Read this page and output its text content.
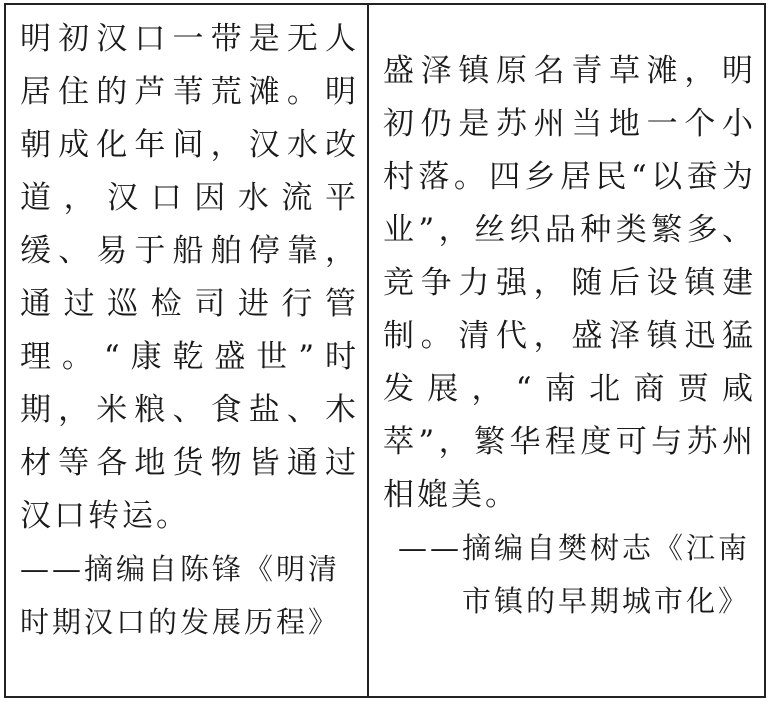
明初汉口一带是无人居住的芦苇荒滩。明朝成化年间，汉水改道，汉口因水流平缓、易于船舶停靠，通过巡检司进行管理。“康乾盛世”时期，米粮、食盐、木材等各地货物皆通过汉口转运。

——摘编自陈锋《明清时期汉口的发展历程》

盛泽镇原名青草滩，明初仍是苏州当地一个小村落。四乡居民“以蚕为业”，丝织品种类繁多、竞争力强，随后设镇建制。清代，盛泽镇迅猛发展，“南北商贾咸萃”，繁华程度可与苏州相媲美。

——摘编自樊树志《江南市镇的早期城市化》
